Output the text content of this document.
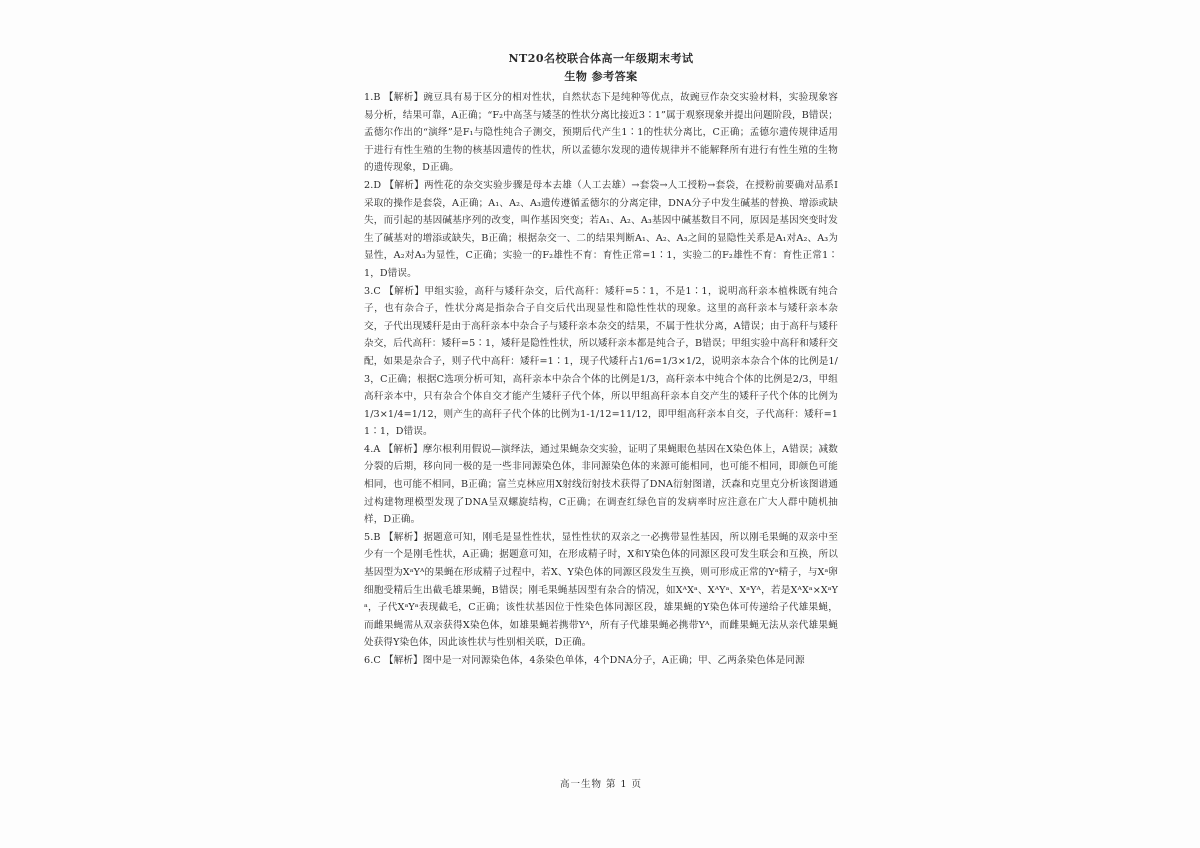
NT20名校联合体高一年级期末考试
生物 参考答案

1.B 【解析】豌豆具有易于区分的相对性状，自然状态下是纯种等优点，故豌豆作杂交实验材料，实验现象容易分析，结果可靠，A正确；“F₂中高茎与矮茎的性状分离比接近3∶1”属于观察现象并提出问题阶段，B错误；孟德尔作出的“演绎”是F₁与隐性纯合子测交，预期后代产生1∶1的性状分离比，C正确；孟德尔遗传规律适用于进行有性生殖的生物的核基因遗传的性状，所以孟德尔发现的遗传规律并不能解释所有进行有性生殖的生物的遗传现象，D正确。

2.D 【解析】两性花的杂交实验步骤是母本去雄（人工去雄）→套袋→人工授粉→套袋，在授粉前要确对品系Ⅰ采取的操作是套袋，A正确；A₁、A₂、A₃遗传遵循孟德尔的分离定律，DNA分子中发生碱基的替换、增添或缺失，而引起的基因碱基序列的改变，叫作基因突变；若A₁、A₂、A₃基因中碱基数目不同，原因是基因突变时发生了碱基对的增添或缺失，B正确；根据杂交一、二的结果判断A₁、A₂、A₃之间的显隐性关系是A₁对A₂、A₃为显性，A₂对A₃为显性，C正确；实验一的F₂雄性不育：育性正常=1∶1，实验二的F₂雄性不育：育性正常1∶1，D错误。

3.C 【解析】甲组实验，高秆与矮秆杂交，后代高秆：矮秆=5∶1，不是1∶1，说明高秆亲本植株既有纯合子，也有杂合子，性状分离是指杂合子自交后代出现显性和隐性性状的现象。这里的高秆亲本与矮秆亲本杂交，子代出现矮秆是由于高秆亲本中杂合子与矮秆亲本杂交的结果，不属于性状分离，A错误；由于高秆与矮秆杂交，后代高秆：矮秆=5∶1，矮秆是隐性性状，所以矮秆亲本都是纯合子，B错误；甲组实验中高秆和矮秆交配，如果是杂合子，则子代中高秆：矮秆=1∶1，现子代矮秆占1/6=1/3×1/2，说明亲本杂合个体的比例是1/3，C正确；根据C选项分析可知，高秆亲本中杂合个体的比例是1/3，高秆亲本中纯合个体的比例是2/3，甲组高秆亲本中，只有杂合个体自交才能产生矮秆子代个体，所以甲组高秆亲本自交产生的矮秆子代个体的比例为1/3×1/4=1/12，则产生的高秆子代个体的比例为1-1/12=11/12，即甲组高秆亲本自交，子代高秆：矮秆=11∶1，D错误。

4.A 【解析】摩尔根利用假说—演绎法，通过果蝇杂交实验，证明了果蝇眼色基因在X染色体上，A错误；减数分裂的后期，移向同一极的是一些非同源染色体，非同源染色体的来源可能相同，也可能不相同，即颜色可能相同，也可能不相同，B正确；富兰克林应用X射线衍射技术获得了DNA衍射图谱，沃森和克里克分析该图谱通过构建物理模型发现了DNA呈双螺旋结构，C正确；在调查红绿色盲的发病率时应注意在广大人群中随机抽样，D正确。

5.B 【解析】据题意可知，刚毛是显性性状，显性性状的双亲之一必携带显性基因，所以刚毛果蝇的双亲中至少有一个是刚毛性状，A正确；据题意可知，在形成精子时，X和Y染色体的同源区段可发生联会和互换，所以基因型为XᵃYᴬ的果蝇在形成精子过程中，若X、Y染色体的同源区段发生互换，则可形成正常的Yᵃ精子，与Xᵃ卵细胞受精后生出截毛雄果蝇，B错误；刚毛果蝇基因型有杂合的情况，如XᴬXᵃ、XᴬYᵃ、XᵃYᴬ，若是XᴬXᵃ×XᵃYᵃ，子代XᵃYᵃ表现截毛，C正确；该性状基因位于性染色体同源区段，雄果蝇的Y染色体可传递给子代雄果蝇，而雌果蝇需从双亲获得X染色体，如雄果蝇若携带Yᴬ，所有子代雄果蝇必携带Yᴬ，而雌果蝇无法从亲代雄果蝇处获得Y染色体，因此该性状与性别相关联，D正确。

6.C 【解析】图中是一对同源染色体，4条染色单体，4个DNA分子，A正确；甲、乙两条染色体是同源

高一生物 第 1 页
